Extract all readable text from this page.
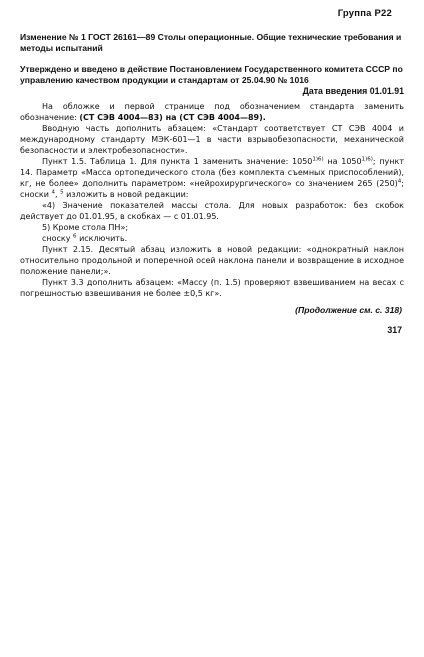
Группа Р22
Изменение № 1 ГОСТ 26161—89 Столы операционные. Общие технические требования и методы испытаний
Утверждено и введено в действие Постановлением Государственного комитета СССР по управлению качеством продукции и стандартам от 25.04.90 № 1016
Дата введения 01.01.91

На обложке и первой странице под обозначением стандарта заменить обозначение: (СТ СЭВ 4004—83) на (СТ СЭВ 4004—89).

Вводную часть дополнить абзацем: «Стандарт соответствует СТ СЭВ 4004 и международному стандарту МЭК-601—1 в части взрывобезопасности, механической безопасности и электробезопасности».

Пункт 1.5. Таблица 1. Для пункта 1 заменить значение: $1050^{1)6)}$ на $1050^{1)6)}$; пункт 14. Параметр «Масса ортопедического стола (без комплекта съемных приспособлений), кг, не более» дополнить параметром: «нейрохирургического» со значением 265 $(250)^4$; сноски $^4$, $^5$ изложить в новой редакции:

«4) Значение показателей массы стола. Для новых разработок: без скобок действует до 01.01.95, в скобках — с 01.01.95.

5) Кроме стола ПН»;

сноску $^6$ исключить.

Пункт 2.15. Десятый абзац изложить в новой редакции: «однократный наклон относительно продольной и поперечной осей наклона панели и возвращение в исходное положение панели;».

Пункт 3.3 дополнить абзацем: «Массу (п. 1.5) проверяют взвешиванием на весах с погрешностью взвешивания не более ±0,5 кг».

(Продолжение см. с. 318)
317
